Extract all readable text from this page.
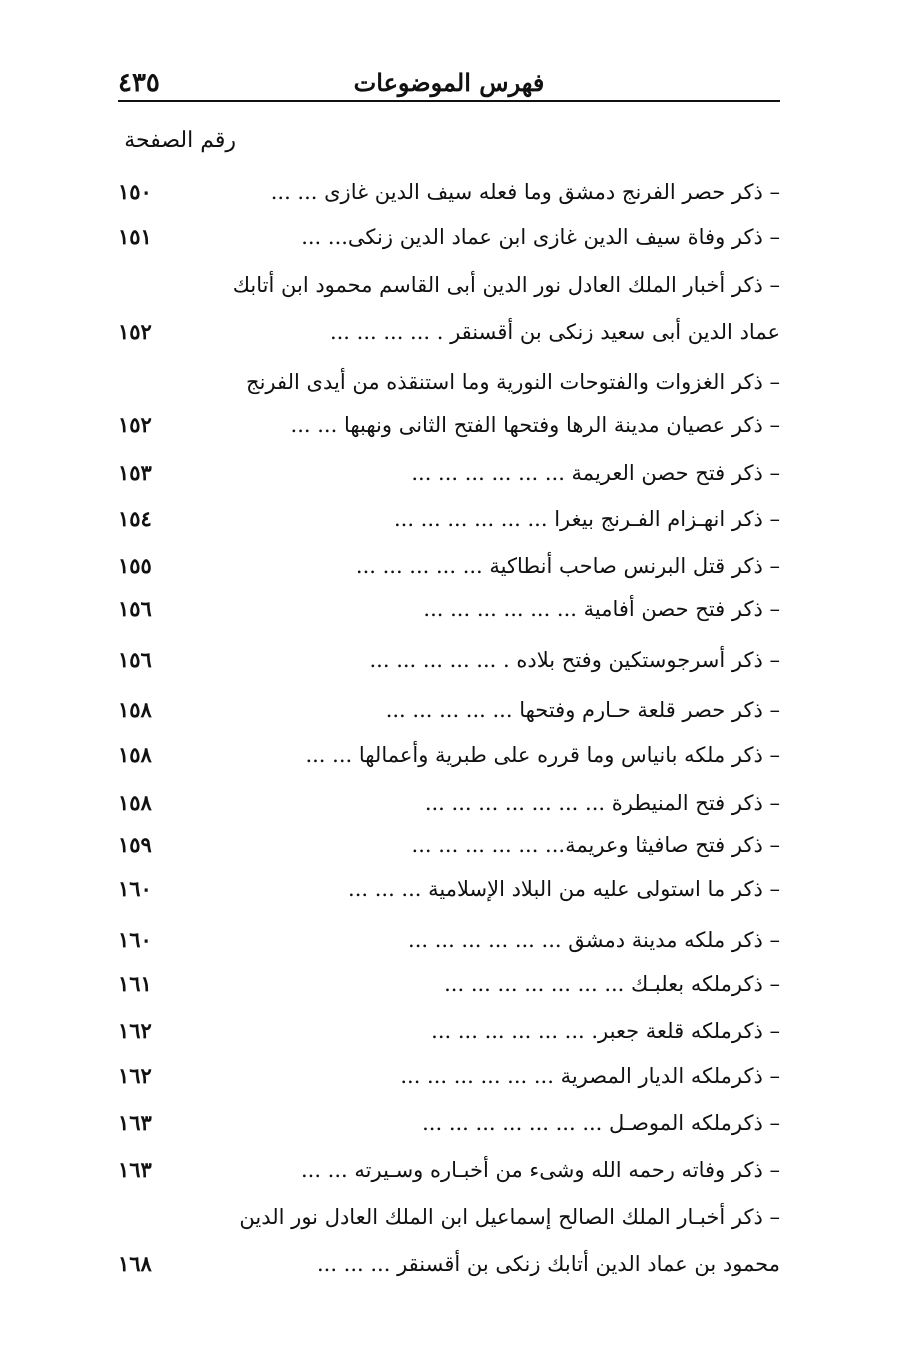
٤٣٥	فهرس الموضوعات
رقم الصفحة
– ذكر حصر الفرنج دمشق وما فعله سيف الدين غازى ... ...
١٥٠
– ذكر وفاة سيف الدين غازى ابن عماد الدين زنكى... ...
١٥١
– ذكر أخبار الملك العادل نور الدين أبى القاسم محمود ابن أتابك
عماد الدين أبى سعيد زنكى بن أقسنقر . ... ... ... ...
١٥٢
– ذكر الغزوات والفتوحات النورية وما استنقذه من أيدى الفرنج
– ذكر عصيان مدينة الرها وفتحها الفتح الثانى ونهبها ... ...
١٥٢
– ذكر فتح حصن العريمة ... ... ... ... ... ...
١٥٣
– ذكر انهـزام الفـرنج بيغرا ... ... ... ... ... ...
١٥٤
– ذكر قتل البرنس صاحب أنطاكية ... ... ... ... ...
١٥٥
– ذكر فتح حصن أفامية ... ... ... ... ... ...
١٥٦
– ذكر أسرجوستكين وفتح بلاده . ... ... ... ... ...
١٥٦
– ذكر حصر قلعة حـارم وفتحها ... ... ... ... ...
١٥٨
– ذكر ملكه بانياس وما قرره على طبرية وأعمالها ... ...
١٥٨
– ذكر فتح المنيطرة ... ... ... ... ... ... ...
١٥٨
– ذكر فتح صافيثا وعريمة... ... ... ... ... ...
١٥٩
– ذكر ما استولى عليه من البلاد الإسلامية ... ... ...
١٦٠
– ذكر ملكه مدينة دمشق ... ... ... ... ... ...
١٦٠
– ذكرملكه بعلبـك ... ... ... ... ... ... ...
١٦١
– ذكرملكه قلعة جعبر. ... ... ... ... ... ...
١٦٢
– ذكرملكه الديار المصرية ... ... ... ... ... ...
١٦٢
– ذكرملكه الموصـل ... ... ... ... ... ... ...
١٦٣
– ذكر وفاته رحمه الله وشىء من أخبـاره وسـيرته ... ...
١٦٣
– ذكر أخبـار الملك الصالح إسماعيل ابن الملك العادل نور الدين
محمود بن عماد الدين أتابك زنكى بن أقسنقر ... ... ...
١٦٨
